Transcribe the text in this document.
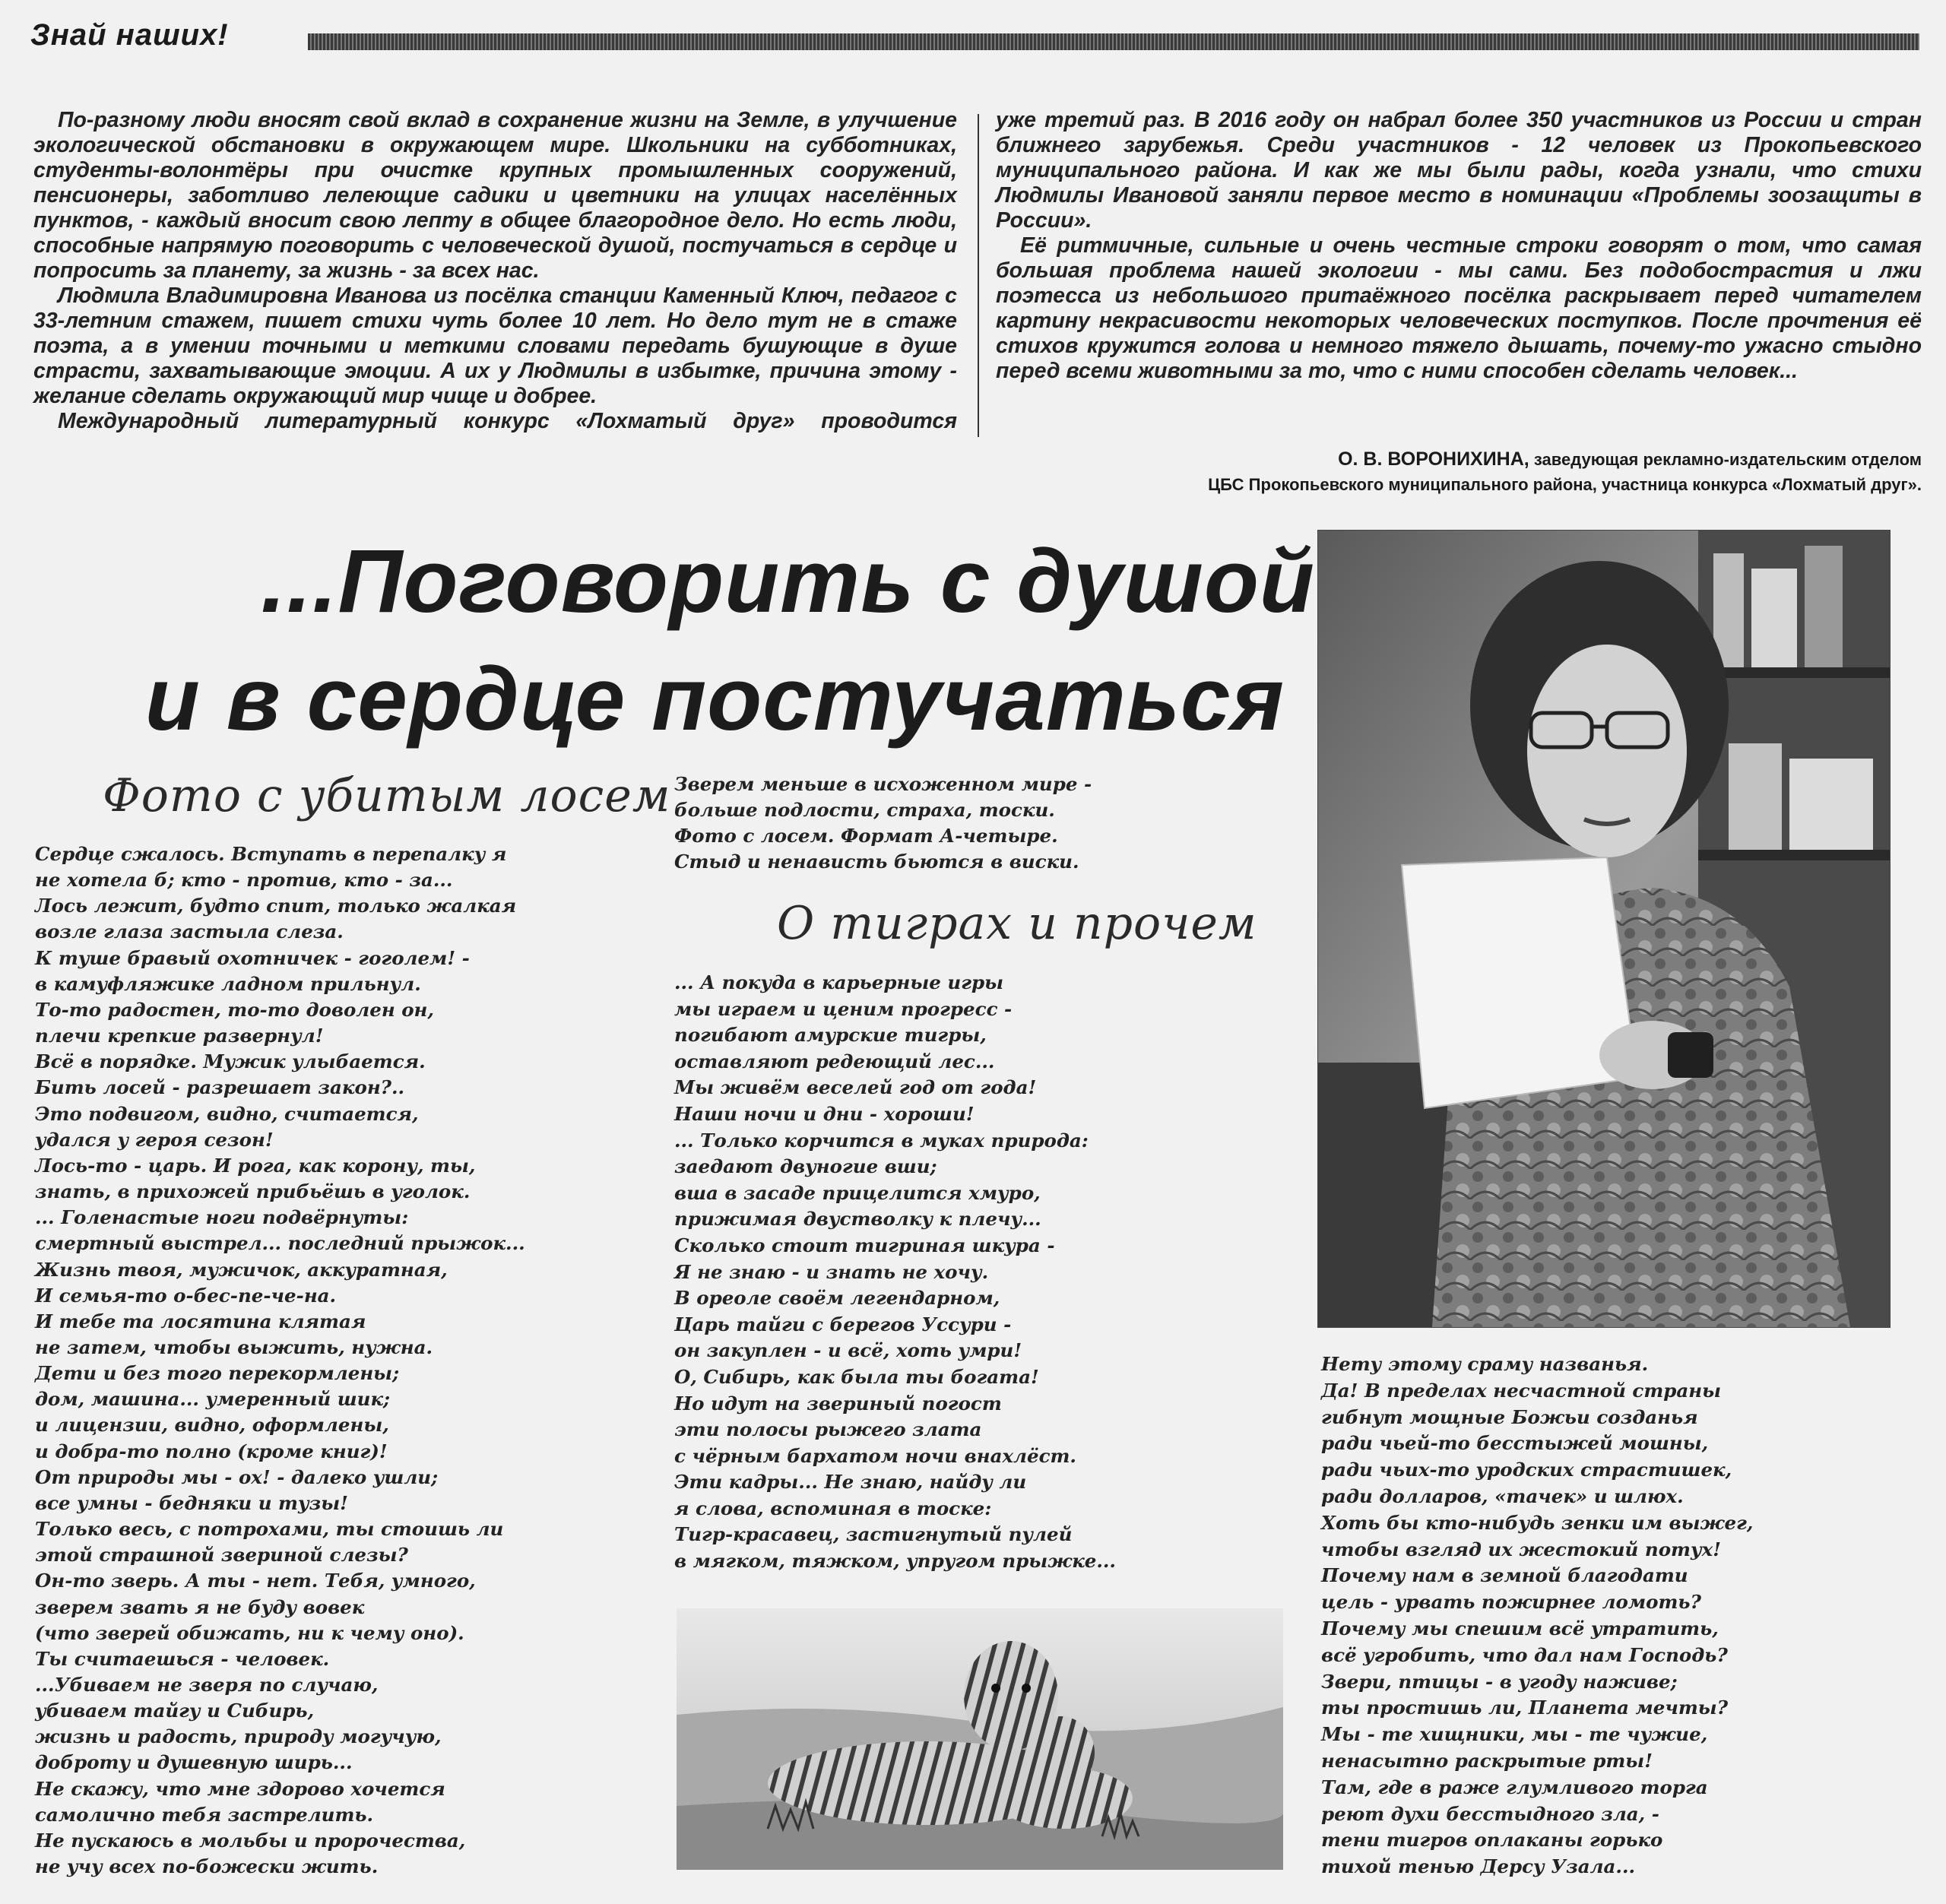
Знай наших!

По-разному люди вносят свой вклад в сохранение жизни на Земле, в улучшение экологической обстановки в окружающем мире. Школьники на субботниках, студенты-волонтёры при очистке крупных промышленных сооружений, пенсионеры, заботливо лелеющие садики и цветники на улицах населённых пунктов, - каждый вносит свою лепту в общее благородное дело. Но есть люди, способные напрямую поговорить с человеческой душой, постучаться в сердце и попросить за планету, за жизнь - за всех нас.

Людмила Владимировна Иванова из посёлка станции Каменный Ключ, педагог с 33-летним стажем, пишет стихи чуть более 10 лет. Но дело тут не в стаже поэта, а в умении точными и меткими словами передать бушующие в душе страсти, захватывающие эмоции. А их у Людмилы в избытке, причина этому - желание сделать окружающий мир чище и добрее.

Международный литературный конкурс «Лохматый друг» проводится

уже третий раз. В 2016 году он набрал более 350 участников из России и стран ближнего зарубежья. Среди участников - 12 человек из Прокопьевского муниципального района. И как же мы были рады, когда узнали, что стихи Людмилы Ивановой заняли первое место в номинации «Проблемы зоозащиты в России».

Её ритмичные, сильные и очень честные строки говорят о том, что самая большая проблема нашей экологии - мы сами. Без подобострастия и лжи поэтесса из небольшого притаёжного посёлка раскрывает перед читателем картину некрасивости некоторых человеческих поступков. После прочтения её стихов кружится голова и немного тяжело дышать, почему-то ужасно стыдно перед всеми животными за то, что с ними способен сделать человек...

О. В. ВОРОНИХИНА, заведующая рекламно-издательским отделом
ЦБС Прокопьевского муниципального района, участница конкурса «Лохматый друг».
...Поговорить с душой
и в сердце постучаться
Фото с убитым лосем
Сердце сжалось. Вступать в перепалку я
не хотела б; кто - против, кто - за...
Лось лежит, будто спит, только жалкая
возле глаза застыла слеза.
К туше бравый охотничек - гоголем! -
в камуфляжике ладном прильнул.
То-то радостен, то-то доволен он,
плечи крепкие развернул!
Всё в порядке. Мужик улыбается.
Бить лосей - разрешает закон?..
Это подвигом, видно, считается,
удался у героя сезон!
Лось-то - царь. И рога, как корону, ты,
знать, в прихожей прибьёшь в уголок.
... Голенастые ноги подвёрнуты:
смертный выстрел... последний прыжок...
Жизнь твоя, мужичок, аккуратная,
И семья-то о-бес-пе-че-на.
И тебе та лосятина клятая
не затем, чтобы выжить, нужна.
Дети и без того перекормлены;
дом, машина... умеренный шик;
и лицензии, видно, оформлены,
и добра-то полно (кроме книг)!
От природы мы - ох! - далеко ушли;
все умны - бедняки и тузы!
Только весь, с потрохами, ты стоишь ли
этой страшной звериной слезы?
Он-то зверь. А ты - нет. Тебя, умного,
зверем звать я не буду вовек
(что зверей обижать, ни к чему оно).
Ты считаешься - человек.
...Убиваем не зверя по случаю,
убиваем тайгу и Сибирь,
жизнь и радость, природу могучую,
доброту и душевную ширь...
Не скажу, что мне здорово хочется
самолично тебя застрелить.
Не пускаюсь в мольбы и пророчества,
не учу всех по-божески жить.
Зверем меньше в исхоженном мире -
больше подлости, страха, тоски.
Фото с лосем. Формат А-четыре.
Стыд и ненависть бьются в виски.
О тиграх и прочем
... А покуда в карьерные игры
мы играем и ценим прогресс -
погибают амурские тигры,
оставляют редеющий лес...
Мы живём веселей год от года!
Наши ночи и дни - хороши!
... Только корчится в муках природа:
заедают двуногие вши;
вша в засаде прицелится хмуро,
прижимая двустволку к плечу...
Сколько стоит тигриная шкура -
Я не знаю - и знать не хочу.
В ореоле своём легендарном,
Царь тайги с берегов Уссури -
он закуплен - и всё, хоть умри!
О, Сибирь, как была ты богата!
Но идут на звериный погост
эти полосы рыжего злата
с чёрным бархатом ночи внахлёст.
Эти кадры... Не знаю, найду ли
я слова, вспоминая в тоске:
Тигр-красавец, застигнутый пулей
в мягком, тяжком, упругом прыжке...
Нету этому сраму названья.
Да! В пределах несчастной страны
гибнут мощные Божьи созданья
ради чьей-то бесстыжей мошны,
ради чьих-то уродских страстишек,
ради долларов, «тачек» и шлюх.
Хоть бы кто-нибудь зенки им выжег,
чтобы взгляд их жестокий потух!
Почему нам в земной благодати
цель - урвать пожирнее ломоть?
Почему мы спешим всё утратить,
всё угробить, что дал нам Господь?
Звери, птицы - в угоду наживе;
ты простишь ли, Планета мечты?
Мы - те хищники, мы - те чужие,
ненасытно раскрытые рты!
Там, где в раже глумливого торга
реют духи бесстыдного зла, -
тени тигров оплаканы горько
тихой тенью Дерсу Узала...
